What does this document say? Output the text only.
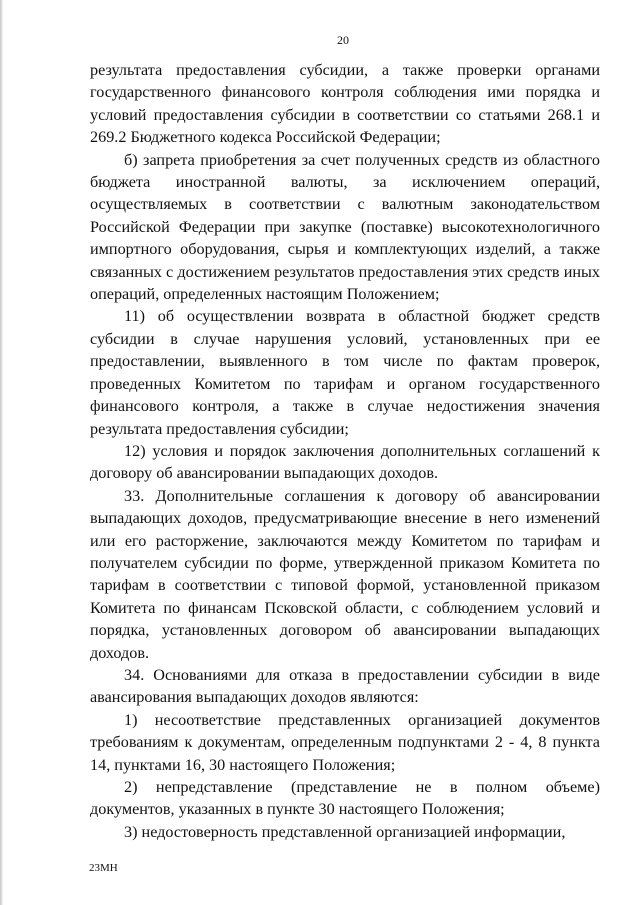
20

результата предоставления субсидии, а также проверки органами государственного финансового контроля соблюдения ими порядка и условий предоставления субсидии в соответствии со статьями 268.1 и 269.2 Бюджетного кодекса Российской Федерации;

б) запрета приобретения за счет полученных средств из областного бюджета иностранной валюты, за исключением операций, осуществляемых в соответствии с валютным законодательством Российской Федерации при закупке (поставке) высокотехнологичного импортного оборудования, сырья и комплектующих изделий, а также связанных с достижением результатов предоставления этих средств иных операций, определенных настоящим Положением;

11) об осуществлении возврата в областной бюджет средств субсидии в случае нарушения условий, установленных при ее предоставлении, выявленного в том числе по фактам проверок, проведенных Комитетом по тарифам и органом государственного финансового контроля, а также в случае недостижения значения результата предоставления субсидии;

12) условия и порядок заключения дополнительных соглашений к договору об авансировании выпадающих доходов.

33. Дополнительные соглашения к договору об авансировании выпадающих доходов, предусматривающие внесение в него изменений или его расторжение, заключаются между Комитетом по тарифам и получателем субсидии по форме, утвержденной приказом Комитета по тарифам в соответствии с типовой формой, установленной приказом Комитета по финансам Псковской области, с соблюдением условий и порядка, установленных договором об авансировании выпадающих доходов.

34. Основаниями для отказа в предоставлении субсидии в виде авансирования выпадающих доходов являются:

1) несоответствие представленных организацией документов требованиям к документам, определенным подпунктами 2 - 4, 8 пункта 14, пунктами 16, 30 настоящего Положения;

2) непредставление (представление не в полном объеме) документов, указанных в пункте 30 настоящего Положения;

3) недостоверность представленной организацией информации,

23МН
